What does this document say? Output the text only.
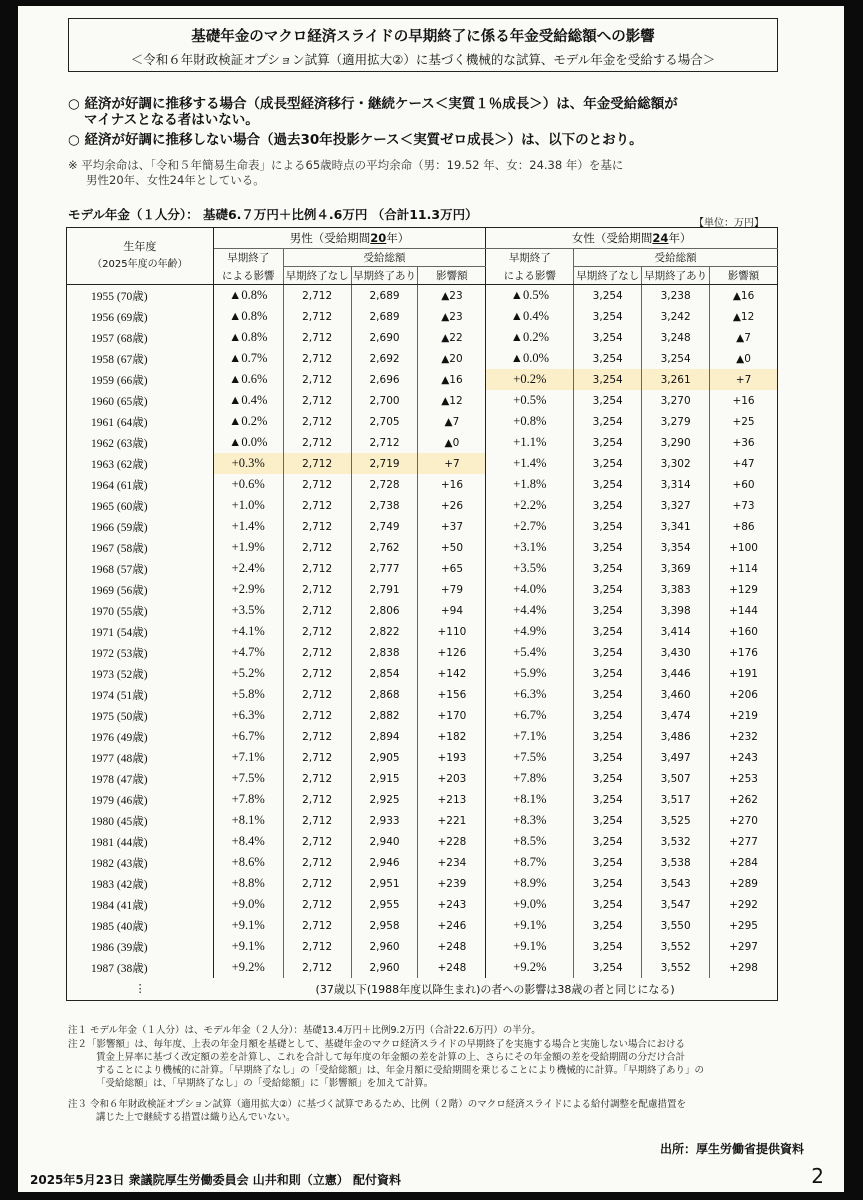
基礎年金のマクロ経済スライドの早期終了に係る年金受給総額への影響
＜令和６年財政検証オプション試算（適用拡大②）に基づく機械的な試算、モデル年金を受給する場合＞
○ 経済が好調に推移する場合（成長型経済移行・継続ケース＜実質１％成長＞）は、年金受給総額が
マイナスとなる者はいない。
○ 経済が好調に推移しない場合（過去30年投影ケース＜実質ゼロ成長＞）は、以下のとおり。
※ 平均余命は、「令和５年簡易生命表」による65歳時点の平均余命（男：19.52 年、女：24.38 年）を基に
男性20年、女性24年としている。
モデル年金（１人分）： 基礎6.７万円＋比例４.6万円 （合計11.3万円）
【単位：万円】
生年度
（2025年度の年齢）	男性（受給期間20年）				女性（受給期間24年）			
	早期終了	受給総額			早期終了	受給総額		
	による影響	早期終了なし	早期終了あり	影響額	による影響	早期終了なし	早期終了あり	影響額
1955 (70歳)	▲0.8%	2,712	2,689	▲23	▲0.5%	3,254	3,238	▲16
1956 (69歳)	▲0.8%	2,712	2,689	▲23	▲0.4%	3,254	3,242	▲12
1957 (68歳)	▲0.8%	2,712	2,690	▲22	▲0.2%	3,254	3,248	▲7
1958 (67歳)	▲0.7%	2,712	2,692	▲20	▲0.0%	3,254	3,254	▲0
1959 (66歳)	▲0.6%	2,712	2,696	▲16	+0.2%	3,254	3,261	+7
1960 (65歳)	▲0.4%	2,712	2,700	▲12	+0.5%	3,254	3,270	+16
1961 (64歳)	▲0.2%	2,712	2,705	▲7	+0.8%	3,254	3,279	+25
1962 (63歳)	▲0.0%	2,712	2,712	▲0	+1.1%	3,254	3,290	+36
1963 (62歳)	+0.3%	2,712	2,719	+7	+1.4%	3,254	3,302	+47
1964 (61歳)	+0.6%	2,712	2,728	+16	+1.8%	3,254	3,314	+60
1965 (60歳)	+1.0%	2,712	2,738	+26	+2.2%	3,254	3,327	+73
1966 (59歳)	+1.4%	2,712	2,749	+37	+2.7%	3,254	3,341	+86
1967 (58歳)	+1.9%	2,712	2,762	+50	+3.1%	3,254	3,354	+100
1968 (57歳)	+2.4%	2,712	2,777	+65	+3.5%	3,254	3,369	+114
1969 (56歳)	+2.9%	2,712	2,791	+79	+4.0%	3,254	3,383	+129
1970 (55歳)	+3.5%	2,712	2,806	+94	+4.4%	3,254	3,398	+144
1971 (54歳)	+4.1%	2,712	2,822	+110	+4.9%	3,254	3,414	+160
1972 (53歳)	+4.7%	2,712	2,838	+126	+5.4%	3,254	3,430	+176
1973 (52歳)	+5.2%	2,712	2,854	+142	+5.9%	3,254	3,446	+191
1974 (51歳)	+5.8%	2,712	2,868	+156	+6.3%	3,254	3,460	+206
1975 (50歳)	+6.3%	2,712	2,882	+170	+6.7%	3,254	3,474	+219
1976 (49歳)	+6.7%	2,712	2,894	+182	+7.1%	3,254	3,486	+232
1977 (48歳)	+7.1%	2,712	2,905	+193	+7.5%	3,254	3,497	+243
1978 (47歳)	+7.5%	2,712	2,915	+203	+7.8%	3,254	3,507	+253
1979 (46歳)	+7.8%	2,712	2,925	+213	+8.1%	3,254	3,517	+262
1980 (45歳)	+8.1%	2,712	2,933	+221	+8.3%	3,254	3,525	+270
1981 (44歳)	+8.4%	2,712	2,940	+228	+8.5%	3,254	3,532	+277
1982 (43歳)	+8.6%	2,712	2,946	+234	+8.7%	3,254	3,538	+284
1983 (42歳)	+8.8%	2,712	2,951	+239	+8.9%	3,254	3,543	+289
1984 (41歳)	+9.0%	2,712	2,955	+243	+9.0%	3,254	3,547	+292
1985 (40歳)	+9.1%	2,712	2,958	+246	+9.1%	3,254	3,550	+295
1986 (39歳)	+9.1%	2,712	2,960	+248	+9.1%	3,254	3,552	+297
1987 (38歳)	+9.2%	2,712	2,960	+248	+9.2%	3,254	3,552	+298
⋮	(37歳以下(1988年度以降生まれ)の者への影響は38歳の者と同じになる)							
注１ モデル年金（１人分）は、モデル年金（２人分）：基礎13.4万円＋比例9.2万円（合計22.6万円）の半分。
注２「影響額」は、毎年度、上表の年金月額を基礎として、基礎年金のマクロ経済スライドの早期終了を実施する場合と実施しない場合における
賃金上昇率に基づく改定額の差を計算し、これを合計して毎年度の年金額の差を計算の上、さらにその年金額の差を受給期間の分だけ合計
することにより機械的に計算。「早期終了なし」の「受給総額」は、年金月額に受給期間を乗じることにより機械的に計算。「早期終了あり」の
「受給総額」は、「早期終了なし」の「受給総額」に「影響額」を加えて計算。
注３ 令和６年財政検証オプション試算（適用拡大②）に基づく試算であるため、比例（２階）のマクロ経済スライドによる給付調整を配慮措置を
講じた上で継続する措置は織り込んでいない。
出所：厚生労働省提供資料
2025年5月23日 衆議院厚生労働委員会 山井和則（立憲） 配付資料	2
